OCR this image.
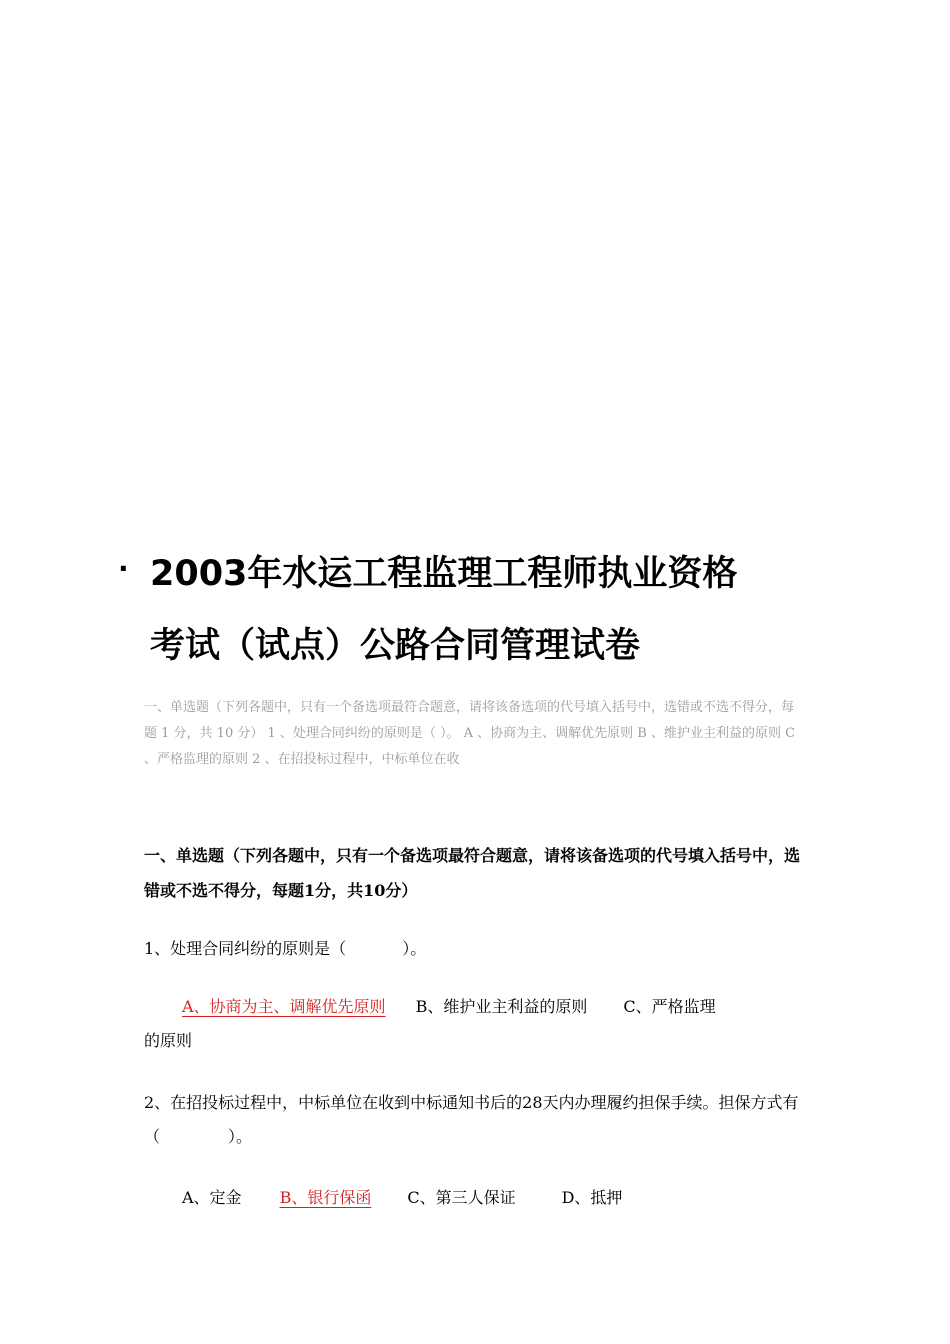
· 2003年水运工程监理工程师执业资格
考试（试点）公路合同管理试卷
一、单选题（下列各题中，只有一个备选项最符合题意，请将该备选项的代号填入括号中，选错或不选不得分，每题 1 分，共 10 分） 1 、处理合同纠纷的原则是（ ）。 A 、协商为主、调解优先原则 B 、维护业主利益的原则 C 、严格监理的原则 2 、在招投标过程中，中标单位在收
一、单选题（下列各题中，只有一个备选项最符合题意，请将该备选项的代号填入括号中，选错或不选不得分，每题1分，共10分）
1、处理合同纠纷的原则是（	）。
A、协商为主、调解优先原则 B、维护业主利益的原则 C、严格监理
的原则
2、在招投标过程中，中标单位在收到中标通知书后的28天内办理履约担保手续。担保方式有（	）。
A、定金 B、银行保函 C、第三人保证	D、抵押
